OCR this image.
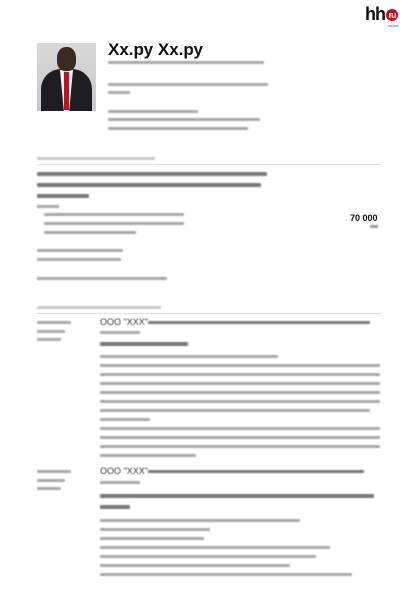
hh ru
headhunter
Хх.ру Хх.ру
70 000
ООО "ХХХ"
ООО "ХХХ"
